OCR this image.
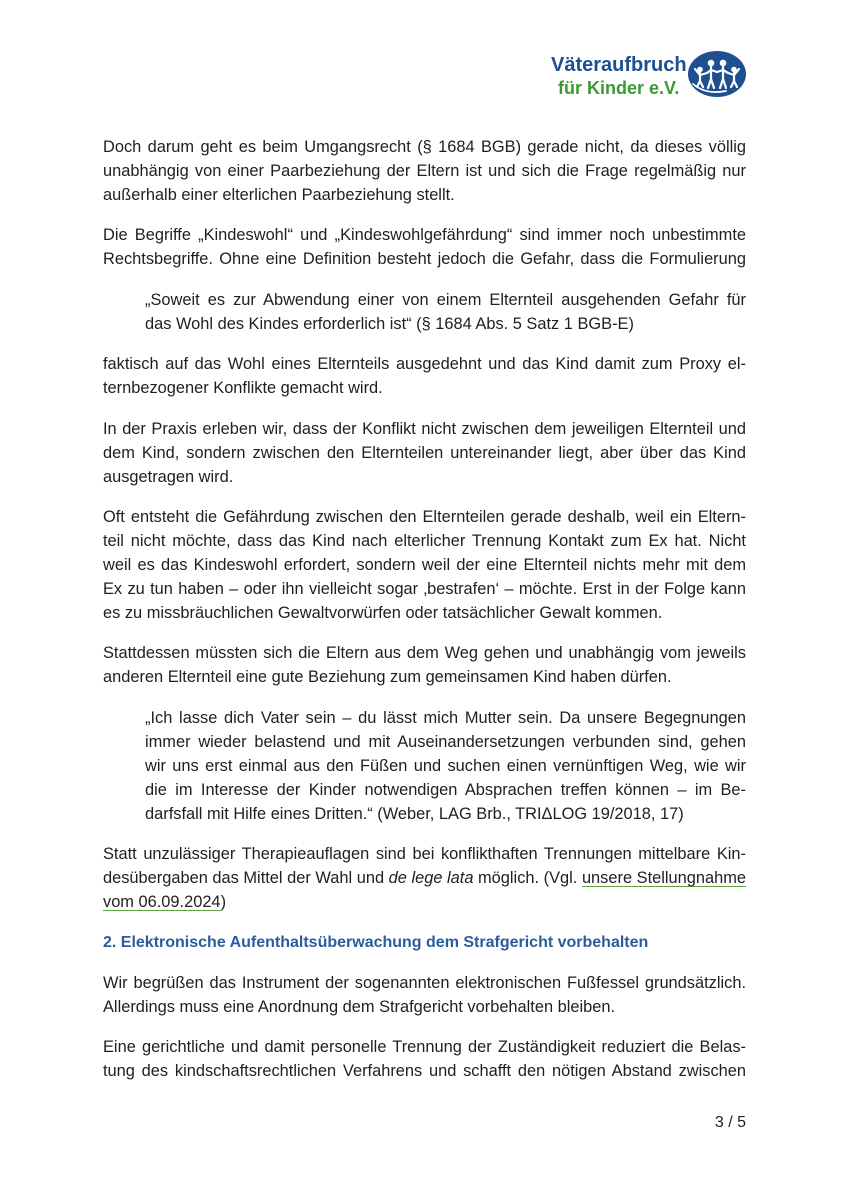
Väteraufbruch
für Kinder e.V.
Doch darum geht es beim Umgangsrecht (§ 1684 BGB) gerade nicht, da dieses völlig
unabhängig von einer Paarbeziehung der Eltern ist und sich die Frage regelmäßig nur
außerhalb einer elterlichen Paarbeziehung stellt.
Die Begriffe „Kindeswohl“ und „Kindeswohlgefährdung“ sind immer noch unbestimmte
Rechtsbegriffe. Ohne eine Definition besteht jedoch die Gefahr, dass die Formulierung
„Soweit es zur Abwendung einer von einem Elternteil ausgehenden Gefahr für
das Wohl des Kindes erforderlich ist“ (§ 1684 Abs. 5 Satz 1 BGB-E)
faktisch auf das Wohl eines Elternteils ausgedehnt und das Kind damit zum Proxy el-
ternbezogener Konflikte gemacht wird.
In der Praxis erleben wir, dass der Konflikt nicht zwischen dem jeweiligen Elternteil und
dem Kind, sondern zwischen den Elternteilen untereinander liegt, aber über das Kind
ausgetragen wird.
Oft entsteht die Gefährdung zwischen den Elternteilen gerade deshalb, weil ein Eltern-
teil nicht möchte, dass das Kind nach elterlicher Trennung Kontakt zum Ex hat. Nicht
weil es das Kindeswohl erfordert, sondern weil der eine Elternteil nichts mehr mit dem
Ex zu tun haben – oder ihn vielleicht sogar ‚bestrafen‘ – möchte. Erst in der Folge kann
es zu missbräuchlichen Gewaltvorwürfen oder tatsächlicher Gewalt kommen.
Stattdessen müssten sich die Eltern aus dem Weg gehen und unabhängig vom jeweils
anderen Elternteil eine gute Beziehung zum gemeinsamen Kind haben dürfen.
„Ich lasse dich Vater sein – du lässt mich Mutter sein. Da unsere Begegnungen
immer wieder belastend und mit Auseinandersetzungen verbunden sind, gehen
wir uns erst einmal aus den Füßen und suchen einen vernünftigen Weg, wie wir
die im Interesse der Kinder notwendigen Absprachen treffen können – im Be-
darfsfall mit Hilfe eines Dritten.“ (Weber, LAG Brb., TRIΔLOG 19/2018, 17)
Statt unzulässiger Therapieauflagen sind bei konflikthaften Trennungen mittelbare Kin-
desübergaben das Mittel der Wahl und de lege lata möglich. (Vgl. unsere Stellungnahme
vom 06.09.2024)
2. Elektronische Aufenthaltsüberwachung dem Strafgericht vorbehalten
Wir begrüßen das Instrument der sogenannten elektronischen Fußfessel grundsätzlich.
Allerdings muss eine Anordnung dem Strafgericht vorbehalten bleiben.
Eine gerichtliche und damit personelle Trennung der Zuständigkeit reduziert die Belas-
tung des kindschaftsrechtlichen Verfahrens und schafft den nötigen Abstand zwischen
3 / 5
